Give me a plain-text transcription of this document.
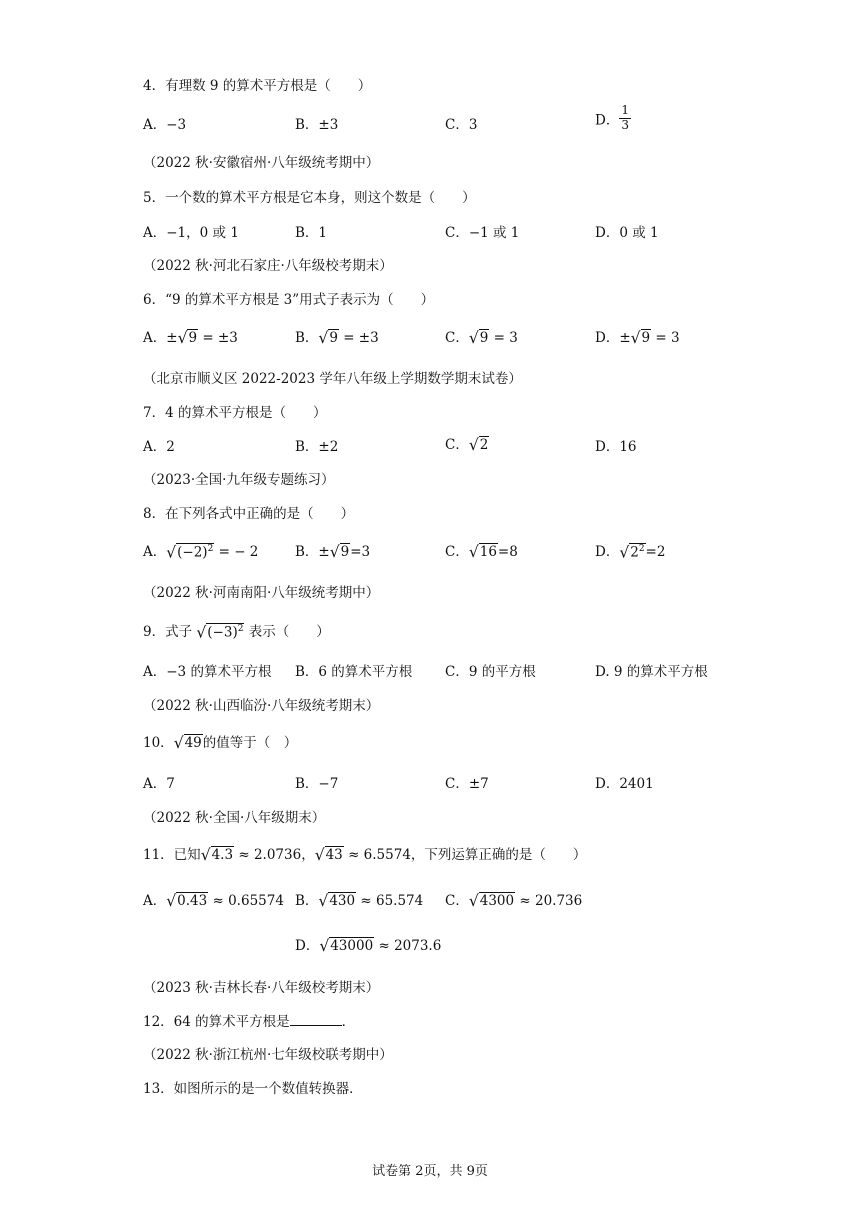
4．有理数 9 的算术平方根是（　　）
A．−3	B．±3	C．3	D． $\frac{1}{3}$
（2022 秋·安徽宿州·八年级统考期中）
5．一个数的算术平方根是它本身，则这个数是（　　）
A．−1，0 或 1	B．1	C．−1 或 1	D．0 或 1
（2022 秋·河北石家庄·八年级校考期末）
6．“9 的算术平方根是 3”用式子表示为（　　）
A．±√9 = ±3	B．√9 = ±3	C．√9 = 3	D．±√9 = 3
（北京市顺义区 2022-2023 学年八年级上学期数学期末试卷）
7．4 的算术平方根是（　　）
A．2	B．±2	C．√2	D．16
（2023·全国·九年级专题练习）
8．在下列各式中正确的是（　　）
A．$√(-2)^2$ = − 2	B．±√9=3	C．√16=8	D．$√2^2=2$
（2022 秋·河南南阳·八年级统考期中）
9．式子 $√(-3)^2$ 表示（　　）
A．−3 的算术平方根 B．6 的算术平方根 C．9 的平方根	D. 9 的算术平方根
（2022 秋·山西临汾·八年级统考期末）
10．√49的值等于（　）
A．7	B．−7	C．±7	D．2401
（2022 秋·全国·八年级期末）
11．已知√4.3 ≈ 2.0736，√43 ≈ 6.5574，下列运算正确的是（　　）
A．√0.43 ≈ 0.65574 B．√430 ≈ 65.574 C．√4300 ≈ 20.736
D．√43000 ≈ 2073.6
（2023 秋·吉林长春·八年级校考期末）
12．64 的算术平方根是	．
（2022 秋·浙江杭州·七年级校联考期中）
13．如图所示的是一个数值转换器．
试卷第 2页，共 9页
